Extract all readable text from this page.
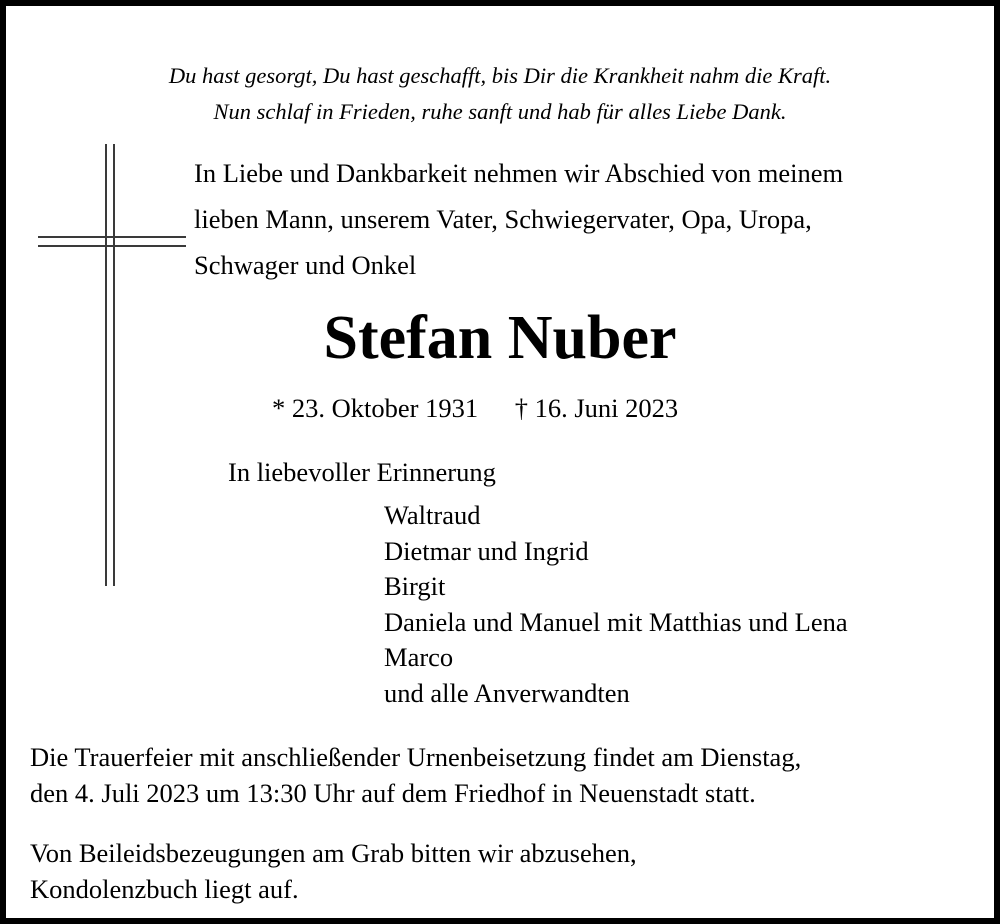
Du hast gesorgt, Du hast geschafft, bis Dir die Krankheit nahm die Kraft.
Nun schlaf in Frieden, ruhe sanft und hab für alles Liebe Dank.
In Liebe und Dankbarkeit nehmen wir Abschied von meinem
lieben Mann, unserem Vater, Schwiegervater, Opa, Uropa,
Schwager und Onkel
Stefan Nuber
* 23. Oktober 1931 † 16. Juni 2023
In liebevoller Erinnerung
Waltraud
Dietmar und Ingrid
Birgit
Daniela und Manuel mit Matthias und Lena
Marco
und alle Anverwandten
Die Trauerfeier mit anschließender Urnenbeisetzung findet am Dienstag,
den 4. Juli 2023 um 13:30 Uhr auf dem Friedhof in Neuenstadt statt.
Von Beileidsbezeugungen am Grab bitten wir abzusehen,
Kondolenzbuch liegt auf.
